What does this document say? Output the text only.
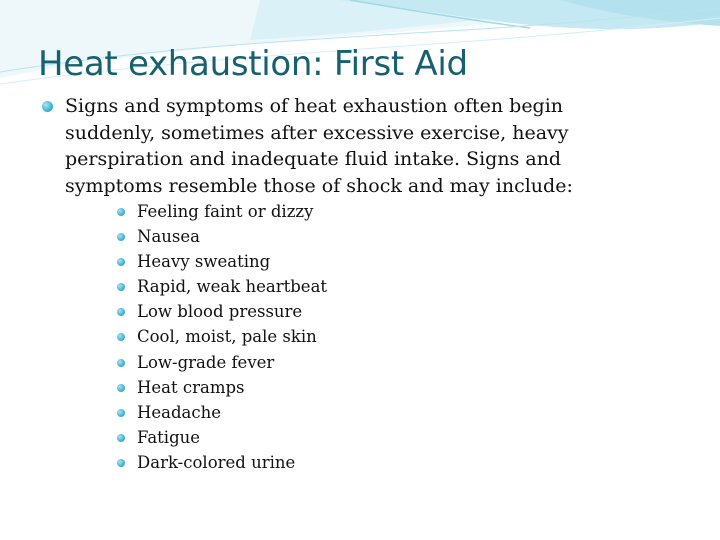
Heat exhaustion: First Aid
Signs and symptoms of heat exhaustion often begin suddenly, sometimes after excessive exercise, heavy perspiration and inadequate fluid intake. Signs and symptoms resemble those of shock and may include:
Feeling faint or dizzy
Nausea
Heavy sweating
Rapid, weak heartbeat
Low blood pressure
Cool, moist, pale skin
Low-grade fever
Heat cramps
Headache
Fatigue
Dark-colored urine
